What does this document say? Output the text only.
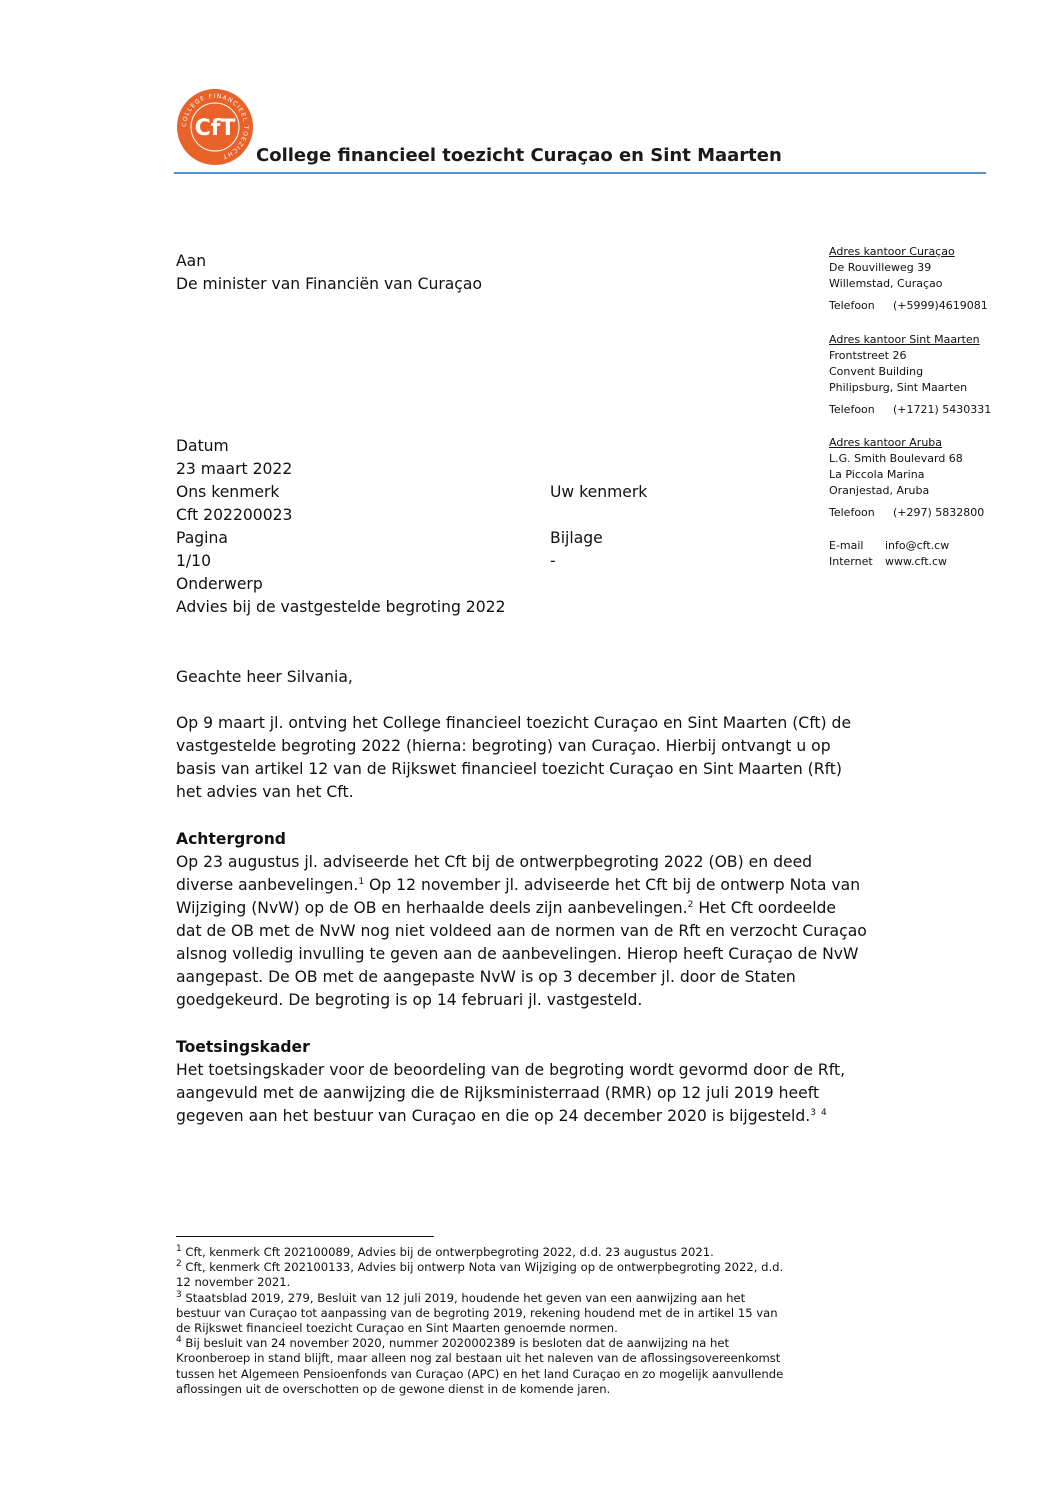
COLLEGE FINANCIEEL TOEZICHT
CfT
College financieel toezicht Curaçao en Sint Maarten
Aan
De minister van Financiën van Curaçao
Adres kantoor Curaçao
De Rouvilleweg 39
Willemstad, Curaçao
Telefoon (+5999)4619081
Adres kantoor Sint Maarten
Frontstreet 26
Convent Building
Philipsburg, Sint Maarten
Telefoon (+1721) 5430331
Adres kantoor Aruba
L.G. Smith Boulevard 68
La Piccola Marina
Oranjestad, Aruba
Telefoon (+297) 5832800
E-mail info@cft.cw
Internet www.cft.cw
Datum
23 maart 2022
Ons kenmerk	Uw kenmerk
Cft 202200023
Pagina	Bijlage
1/10	-
Onderwerp
Advies bij de vastgestelde begroting 2022
Geachte heer Silvania,

Op 9 maart jl. ontving het College financieel toezicht Curaçao en Sint Maarten (Cft) de

vastgestelde begroting 2022 (hierna: begroting) van Curaçao. Hierbij ontvangt u op

basis van artikel 12 van de Rijkswet financieel toezicht Curaçao en Sint Maarten (Rft)

het advies van het Cft.

Achtergrond

Op 23 augustus jl. adviseerde het Cft bij de ontwerpbegroting 2022 (OB) en deed

diverse aanbevelingen.$^1$ Op 12 november jl. adviseerde het Cft bij de ontwerp Nota van

Wijziging (NvW) op de OB en herhaalde deels zijn aanbevelingen.$^2$ Het Cft oordeelde

dat de OB met de NvW nog niet voldeed aan de normen van de Rft en verzocht Curaçao

alsnog volledig invulling te geven aan de aanbevelingen. Hierop heeft Curaçao de NvW

aangepast. De OB met de aangepaste NvW is op 3 december jl. door de Staten

goedgekeurd. De begroting is op 14 februari jl. vastgesteld.

Toetsingskader

Het toetsingskader voor de beoordeling van de begroting wordt gevormd door de Rft,

aangevuld met de aanwijzing die de Rijksministerraad (RMR) op 12 juli 2019 heeft

gegeven aan het bestuur van Curaçao en die op 24 december 2020 is bijgesteld.$^3$ $^4$

$^1$ Cft, kenmerk Cft 202100089, Advies bij de ontwerpbegroting 2022, d.d. 23 augustus 2021.

$^2$ Cft, kenmerk Cft 202100133, Advies bij ontwerp Nota van Wijziging op de ontwerpbegroting 2022, d.d.

12 november 2021.

$^3$ Staatsblad 2019, 279, Besluit van 12 juli 2019, houdende het geven van een aanwijzing aan het

bestuur van Curaçao tot aanpassing van de begroting 2019, rekening houdend met de in artikel 15 van

de Rijkswet financieel toezicht Curaçao en Sint Maarten genoemde normen.

$^4$ Bij besluit van 24 november 2020, nummer 2020002389 is besloten dat de aanwijzing na het

Kroonberoep in stand blijft, maar alleen nog zal bestaan uit het naleven van de aflossingsovereenkomst

tussen het Algemeen Pensioenfonds van Curaçao (APC) en het land Curaçao en zo mogelijk aanvullende

aflossingen uit de overschotten op de gewone dienst in de komende jaren.
